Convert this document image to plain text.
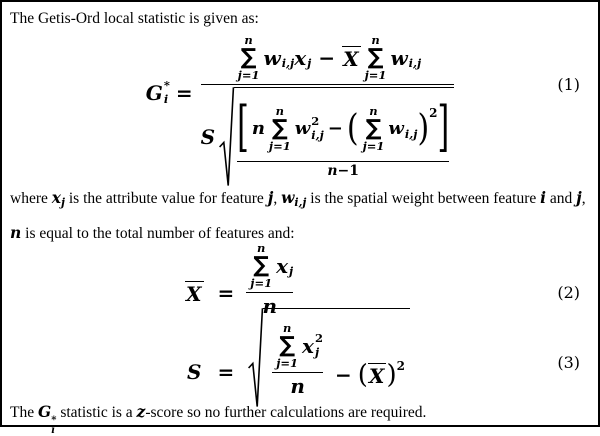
The Getis-Ord local statistic is given as:
G *
i =
n
∑
j=1
w i,j x j − X
n
∑
j=1
w i,j
S [ n
n
∑
j=1
w 2
i,j − ( n
∑
j=1
w i,j ) 2 ]
n −1
(1)
where xj is the attribute value for feature j, wi,j is the spatial weight between feature i and j, n is equal to the total number of features and:
X = n
∑
j=1
x j
n	(2)
S =	n
∑
j=1
x 2
j
n − ( X ) 2	(3)
The G *
i
statistic is a z-score so no further calculations are required.
